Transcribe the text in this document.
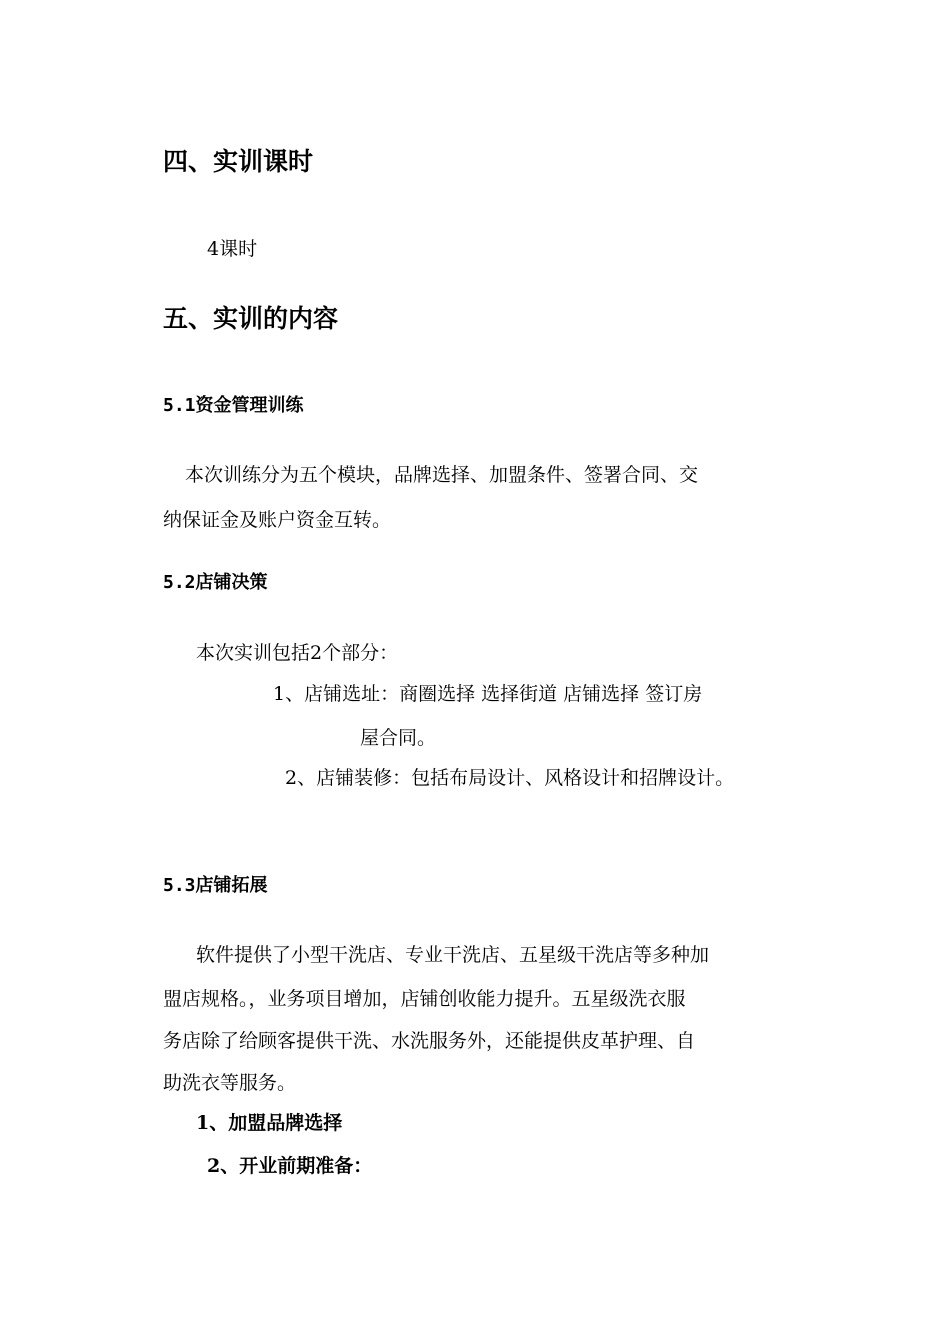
四、实训课时
4课时
五、实训的内容
5.1资金管理训练
本次训练分为五个模块，品牌选择、加盟条件、签署合同、交
纳保证金及账户资金互转。
5.2店铺决策
本次实训包括2个部分：
1、店铺选址：商圈选择 选择街道 店铺选择 签订房
屋合同。
2、店铺装修：包括布局设计、风格设计和招牌设计。
5.3店铺拓展
软件提供了小型干洗店、专业干洗店、五星级干洗店等多种加
盟店规格。，业务项目增加，店铺创收能力提升。五星级洗衣服
务店除了给顾客提供干洗、水洗服务外，还能提供皮革护理、自
助洗衣等服务。
1、加盟品牌选择
2、开业前期准备：
